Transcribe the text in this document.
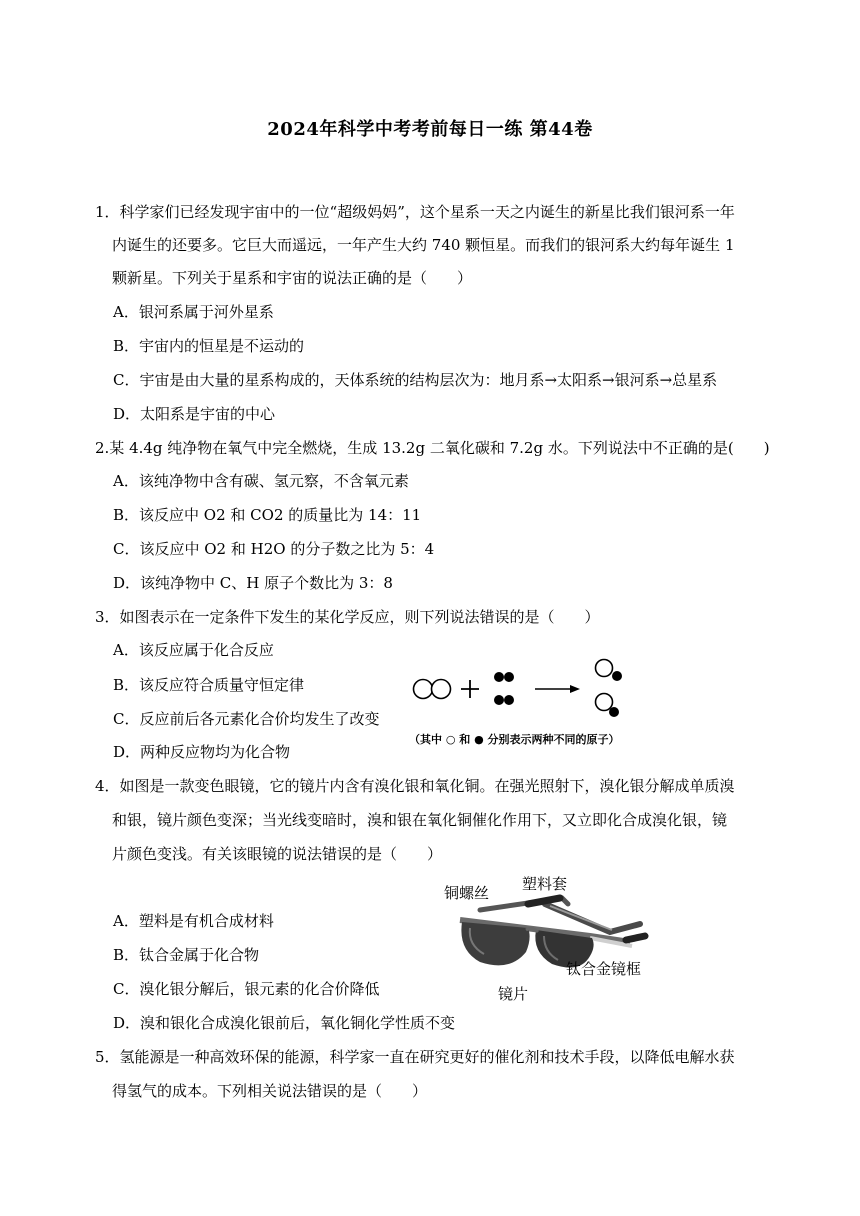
2024年科学中考考前每日一练 第44卷
1．科学家们已经发现宇宙中的一位“超级妈妈”，这个星系一天之内诞生的新星比我们银河系一年
内诞生的还要多。它巨大而遥远，一年产生大约 740 颗恒星。而我们的银河系大约每年诞生 1
颗新星。下列关于星系和宇宙的说法正确的是（　　）
A．银河系属于河外星系
B．宇宙内的恒星是不运动的
C．宇宙是由大量的星系构成的，天体系统的结构层次为：地月系→太阳系→银河系→总星系
D．太阳系是宇宙的中心
2.某 4.4g 纯净物在氧气中完全燃烧，生成 13.2g 二氧化碳和 7.2g 水。下列说法中不正确的是(　　)
A．该纯净物中含有碳、氢元察，不含氧元素
B．该反应中 O2 和 CO2 的质量比为 14：11
C．该反应中 O2 和 H2O 的分子数之比为 5：4
D．该纯净物中 C、H 原子个数比为 3：8
3．如图表示在一定条件下发生的某化学反应，则下列说法错误的是（　　）
A．该反应属于化合反应
B．该反应符合质量守恒定律
C．反应前后各元素化合价均发生了改变
D．两种反应物均为化合物
（其中 ○ 和 ● 分别表示两种不同的原子）
4．如图是一款变色眼镜，它的镜片内含有溴化银和氧化铜。在强光照射下，溴化银分解成单质溴
和银，镜片颜色变深；当光线变暗时，溴和银在氧化铜催化作用下，又立即化合成溴化银，镜
片颜色变浅。有关该眼镜的说法错误的是（　　）
A．塑料是有机合成材料
B．钛合金属于化合物
C．溴化银分解后，银元素的化合价降低
D．溴和银化合成溴化银前后，氧化铜化学性质不变
铜螺丝 塑料套
钛合金镜框
镜片
5．氢能源是一种高效环保的能源，科学家一直在研究更好的催化剂和技术手段，以降低电解水获
得氢气的成本。下列相关说法错误的是（　　）
